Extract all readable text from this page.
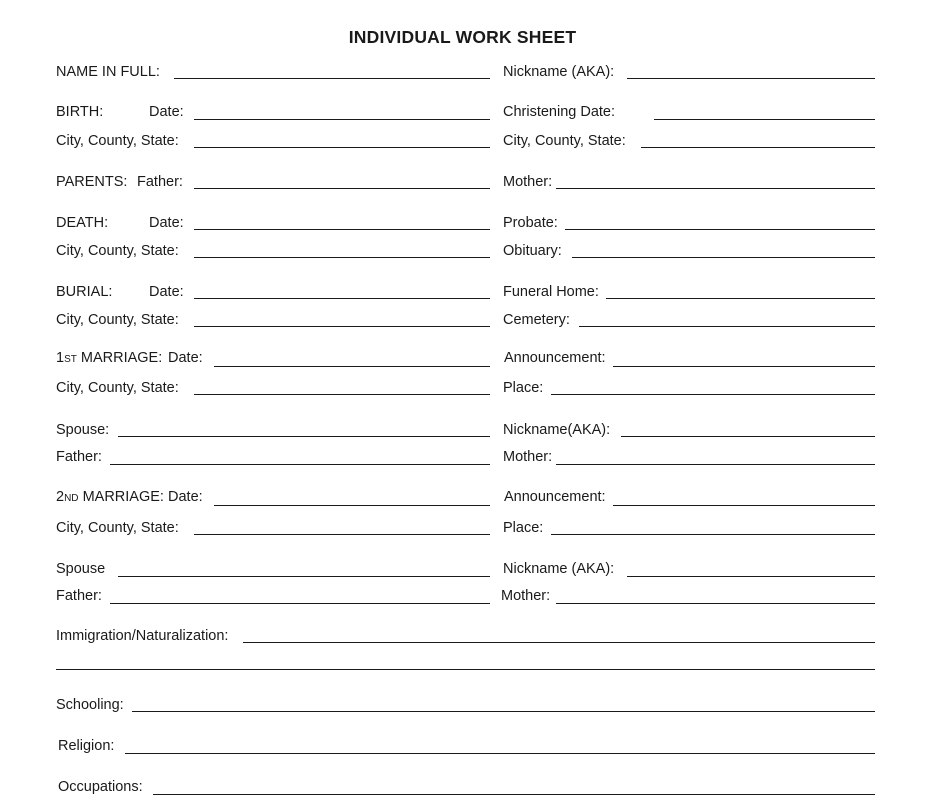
INDIVIDUAL WORK SHEET
NAME IN FULL:	Nickname (AKA):
BIRTH:	Date:	Christening Date:
City, County, State:	City, County, State:
PARENTS: Father:	Mother:
DEATH:	Date:	Probate:
City, County, State:	Obituary:
BURIAL:	Date:	Funeral Home:
City, County, State:	Cemetery:
1ST MARRIAGE: Date:	Announcement:
City, County, State:	Place:
Spouse:	Nickname(AKA):
Father:	Mother:
2ND MARRIAGE: Date:	Announcement:
City, County, State:	Place:
Spouse	Nickname (AKA):
Father:	Mother:
Immigration/Naturalization:
Schooling:
Religion:
Occupations:
